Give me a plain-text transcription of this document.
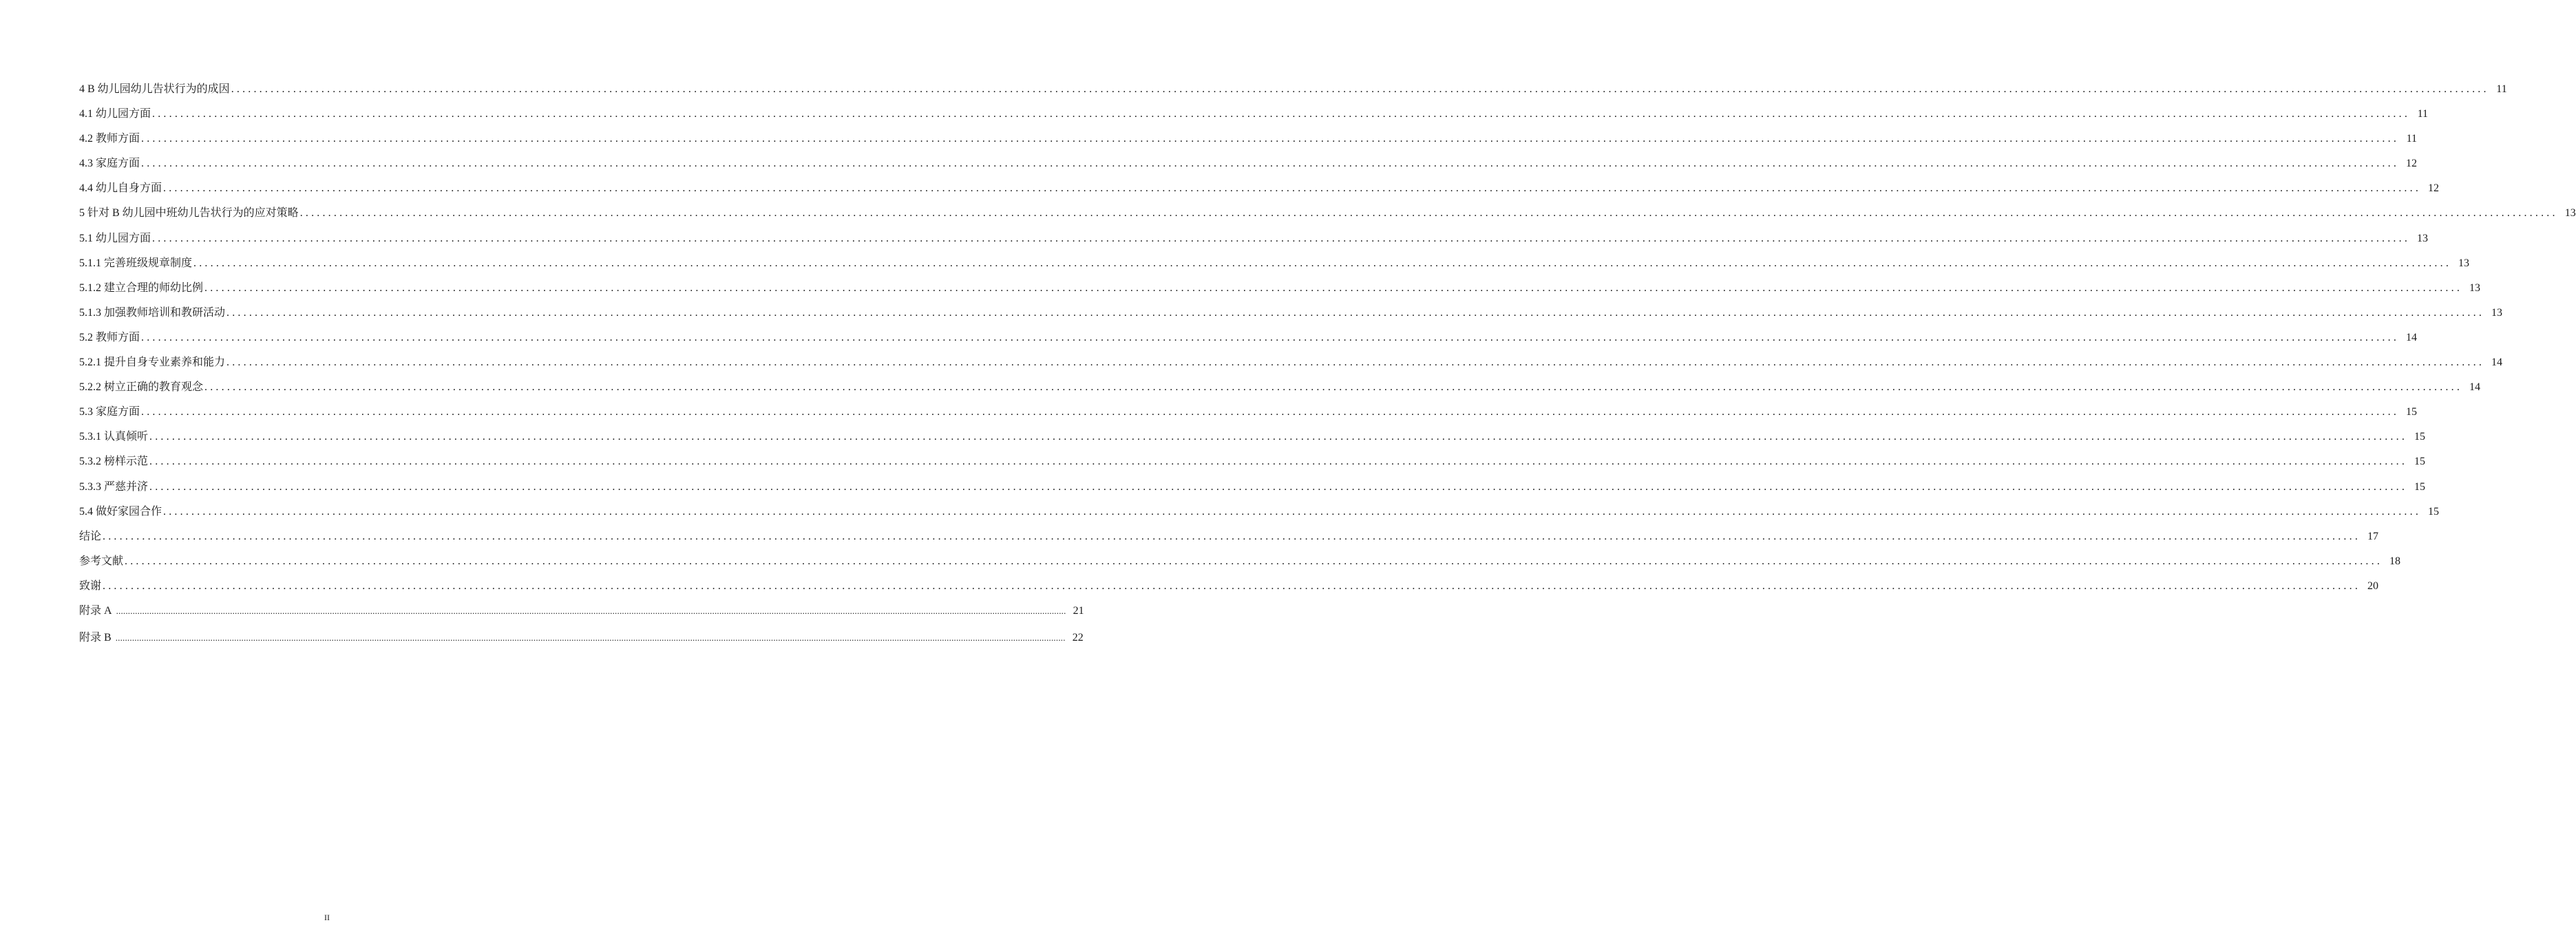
4 B 幼儿园幼儿告状行为的成因 ................................................................................................................................................................................................................................................................................................................................................................................................................ 11
4.1 幼儿园方面 ................................................................................................................................................................................................................................................................................................................................................................................................................ 11
4.2 教师方面 ................................................................................................................................................................................................................................................................................................................................................................................................................ 11
4.3 家庭方面 ................................................................................................................................................................................................................................................................................................................................................................................................................ 12
4.4 幼儿自身方面 ................................................................................................................................................................................................................................................................................................................................................................................................................ 12
5 针对 B 幼儿园中班幼儿告状行为的应对策略 ................................................................................................................................................................................................................................................................................................................................................................................................................ 13
5.1 幼儿园方面 ................................................................................................................................................................................................................................................................................................................................................................................................................ 13
5.1.1 完善班级规章制度 ................................................................................................................................................................................................................................................................................................................................................................................................................ 13
5.1.2 建立合理的师幼比例 ................................................................................................................................................................................................................................................................................................................................................................................................................ 13
5.1.3 加强教师培训和教研活动 ................................................................................................................................................................................................................................................................................................................................................................................................................ 13
5.2 教师方面 ................................................................................................................................................................................................................................................................................................................................................................................................................ 14
5.2.1 提升自身专业素养和能力 ................................................................................................................................................................................................................................................................................................................................................................................................................ 14
5.2.2 树立正确的教育观念 ................................................................................................................................................................................................................................................................................................................................................................................................................ 14
5.3 家庭方面 ................................................................................................................................................................................................................................................................................................................................................................................................................ 15
5.3.1 认真倾听 ................................................................................................................................................................................................................................................................................................................................................................................................................ 15
5.3.2 榜样示范 ................................................................................................................................................................................................................................................................................................................................................................................................................ 15
5.3.3 严慈并济 ................................................................................................................................................................................................................................................................................................................................................................................................................ 15
5.4 做好家园合作 ................................................................................................................................................................................................................................................................................................................................................................................................................ 15
结论 ................................................................................................................................................................................................................................................................................................................................................................................................................ 17
参考文献 ................................................................................................................................................................................................................................................................................................................................................................................................................ 18
致谢 ................................................................................................................................................................................................................................................................................................................................................................................................................ 20
附录 A ................................................................................................................................................................................................................................................................................................................................................................................................................ 21
附录 B ................................................................................................................................................................................................................................................................................................................................................................................................................ 22
II
